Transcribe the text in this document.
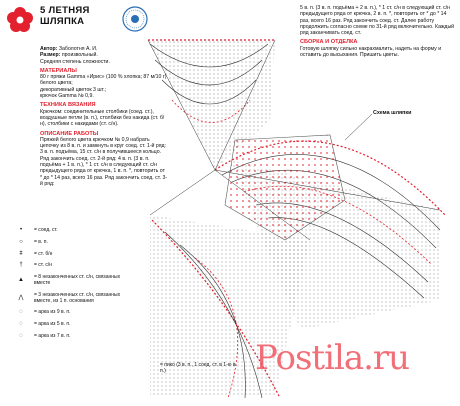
5 ЛЕТНЯЯ
ШЛЯПКА
Автор: Заболотня А. И.
Размер: произвольный.
Средняя степень сложности.
МАТЕРИАЛЫ
80 г пряжи Gamma «Ирис» (100 % хлопка; 87 м/10 г) белого цвета;
декоративный цветок 3 шт.;
крючок Gamma № 0,9.
ТЕХНИКА ВЯЗАНИЯ
Крючком: соединительные столбики (соед. ст.), воздушные петли (в. п.), столбики без накида (ст. б/н), столбики с накидами (ст. с/н).
ОПИСАНИЕ РАБОТЫ
Пряжей белого цвета крючком № 0,9 набрать цепочку из 8 в. п. и замкнуть в круг соед. ст. 1-й ряд: 3 в. п. подъёма, 15 ст. с/н в получившееся кольцо. Ряд закончить соед. ст. 2-й ряд: 4 в. п. (3 в. п. подъёма + 1 в. п.), * 1 ст. с/н в следующий ст. с/н предыдущего ряда от крючка, 1 в. п. *, повторить от * до * 14 раз, всего 16 раз. Ряд закончить соед. ст. 3-й ряд:
5 в. п. (3 в. п. подъёма + 2 в. п.), * 1 ст. с/н в следующий ст. с/н предыдущего ряда от крючка, 2 в. п. *, повторить от * до * 14 раз, всего 16 раз. Ряд закончить соед. ст. Далее работу продолжить согласно схеме по 31-й ряд включительно. Каждый ряд заканчивать соед. ст.
СБОРКА И ОТДЕЛКА
Готовую шляпку сильно накрахмалить, надеть на форму и оставить до высыхания. Пришить цветы.
Схема шляпки
•	= соед. ст.
○	= в. п.
ǂ	= ст. б/н
†	= ст. с/н
▲	= 8 незаконченных ст. с/н, связанных вместе
⋀	= 3 незаконченных ст. с/н, связанных вместе, из 1 п. основания
◌	= арка из 9 в. п.
◌	= арка из 5 в. п.
◌	= арка из 7 в. п.
= пико (3 в. п., 1 соед. ст. в 1-ю в. п.)	Postila.ru
